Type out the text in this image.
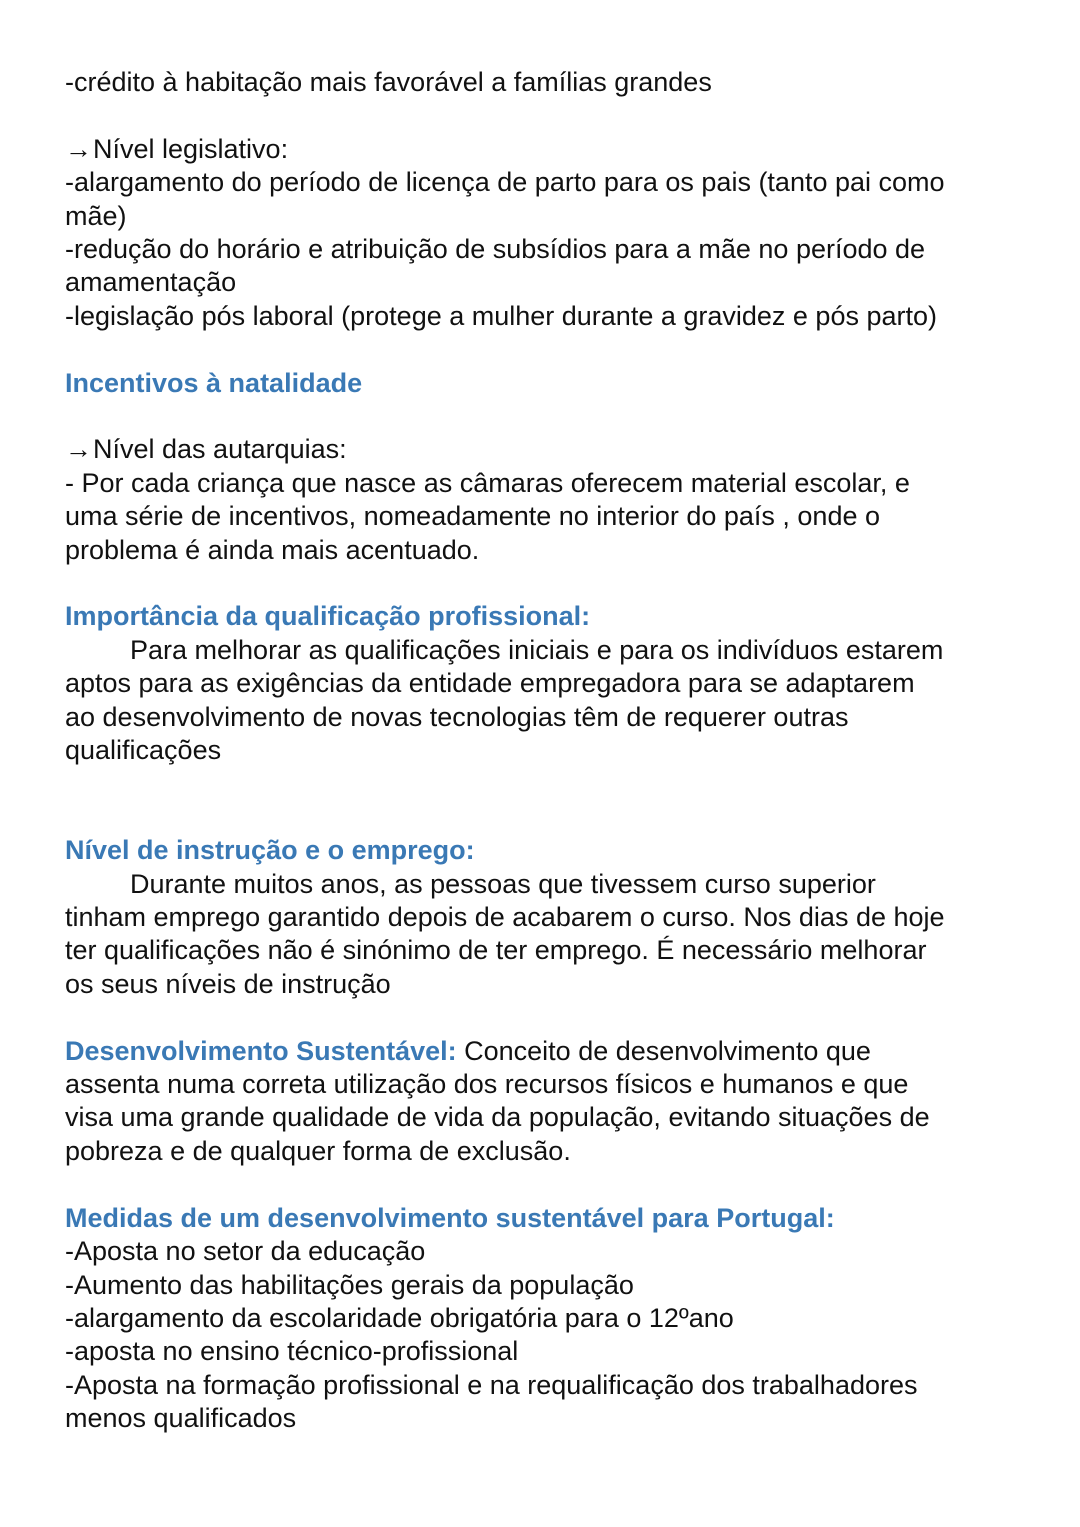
-crédito à habitação mais favorável a famílias grandes
→Nível legislativo:
-alargamento do período de licença de parto para os pais (tanto pai como
mãe)
-redução do horário e atribuição de subsídios para a mãe no período de
amamentação
-legislação pós laboral (protege a mulher durante a gravidez e pós parto)
Incentivos à natalidade
→Nível das autarquias:
- Por cada criança que nasce as câmaras oferecem material escolar, e
uma série de incentivos, nomeadamente no interior do país , onde o
problema é ainda mais acentuado.
Importância da qualificação profissional:
Para melhorar as qualificações iniciais e para os indivíduos estarem
aptos para as exigências da entidade empregadora para se adaptarem
ao desenvolvimento de novas tecnologias têm de requerer outras
qualificações
Nível de instrução e o emprego:
Durante muitos anos, as pessoas que tivessem curso superior
tinham emprego garantido depois de acabarem o curso. Nos dias de hoje
ter qualificações não é sinónimo de ter emprego. É necessário melhorar
os seus níveis de instrução
Desenvolvimento Sustentável: Conceito de desenvolvimento que
assenta numa correta utilização dos recursos físicos e humanos e que
visa uma grande qualidade de vida da população, evitando situações de
pobreza e de qualquer forma de exclusão.
Medidas de um desenvolvimento sustentável para Portugal:
-Aposta no setor da educação
-Aumento das habilitações gerais da população
-alargamento da escolaridade obrigatória para o 12ºano
-aposta no ensino técnico-profissional
-Aposta na formação profissional e na requalificação dos trabalhadores
menos qualificados
